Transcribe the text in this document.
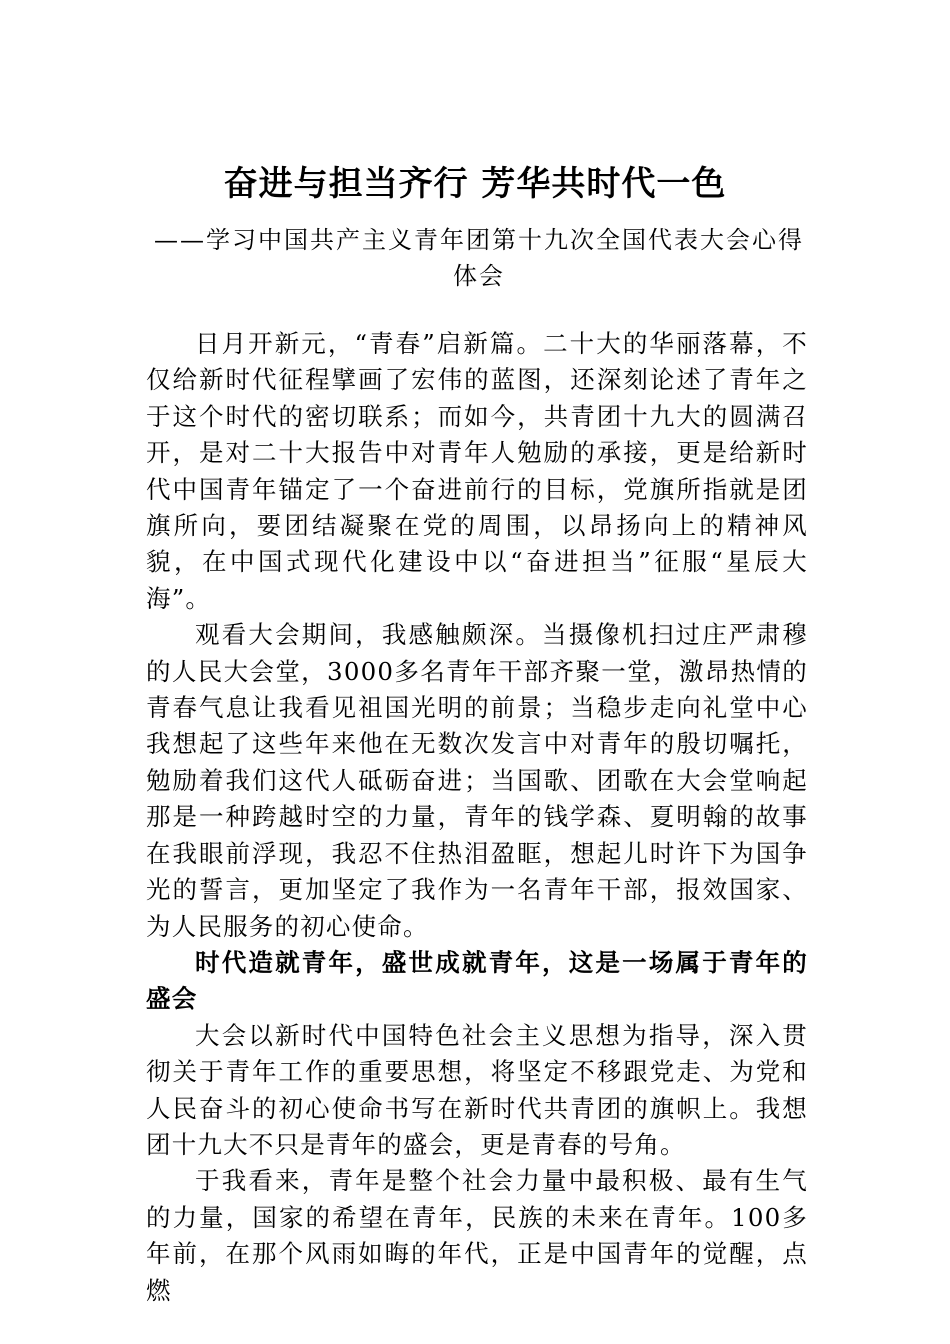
奋进与担当齐行 芳华共时代一色
——学习中国共产主义青年团第十九次全国代表大会心得体会

日月开新元，“青春”启新篇。二十大的华丽落幕，不仅给新时代征程擘画了宏伟的蓝图，还深刻论述了青年之于这个时代的密切联系；而如今，共青团十九大的圆满召开，是对二十大报告中对青年人勉励的承接，更是给新时代中国青年锚定了一个奋进前行的目标，党旗所指就是团旗所向，要团结凝聚在党的周围，以昂扬向上的精神风貌，在中国式现代化建设中以“奋进担当”征服“星辰大海”。

观看大会期间，我感触颇深。当摄像机扫过庄严肃穆的人民大会堂，3000多名青年干部齐聚一堂，激昂热情的青春气息让我看见祖国光明的前景；当稳步走向礼堂中心我想起了这些年来他在无数次发言中对青年的殷切嘱托，勉励着我们这代人砥砺奋进；当国歌、团歌在大会堂响起那是一种跨越时空的力量，青年的钱学森、夏明翰的故事在我眼前浮现，我忍不住热泪盈眶，想起儿时许下为国争光的誓言，更加坚定了我作为一名青年干部，报效国家、为人民服务的初心使命。

时代造就青年，盛世成就青年，这是一场属于青年的盛会

大会以新时代中国特色社会主义思想为指导，深入贯彻关于青年工作的重要思想，将坚定不移跟党走、为党和人民奋斗的初心使命书写在新时代共青团的旗帜上。我想团十九大不只是青年的盛会，更是青春的号角。

于我看来，青年是整个社会力量中最积极、最有生气的力量，国家的希望在青年，民族的未来在青年。100多年前，在那个风雨如晦的年代，正是中国青年的觉醒，点燃
